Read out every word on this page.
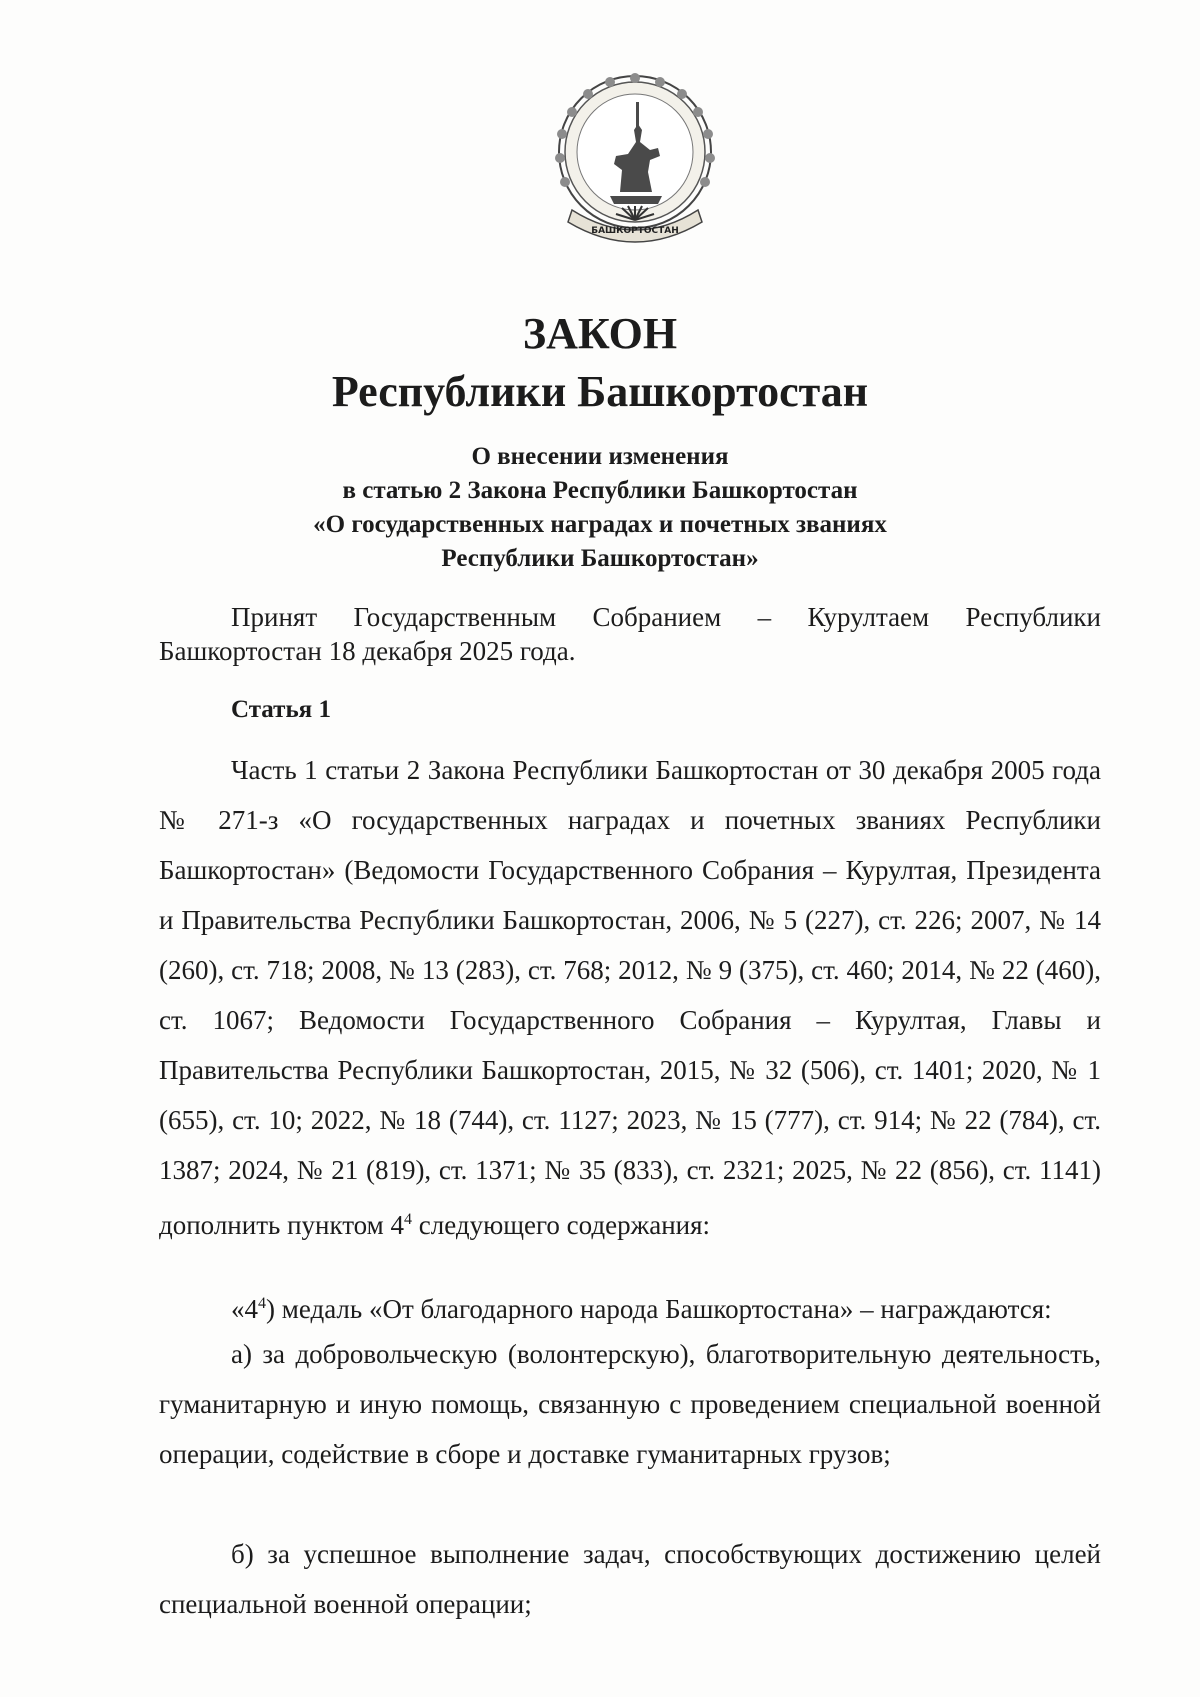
БАШКОРТОСТАН
ЗАКОН
Республики Башкортостан
О внесении изменения
в статью 2 Закона Республики Башкортостан
«О государственных наградах и почетных званиях
Республики Башкортостан»

Принят Государственным Собранием – Курултаем Республики Башкортостан 18 декабря 2025 года.

Статья 1

Часть 1 статьи 2 Закона Республики Башкортостан от 30 декабря 2005 года № 271-з «О государственных наградах и почетных званиях Республики Башкортостан» (Ведомости Государственного Собрания – Курултая, Президента и Правительства Республики Башкортостан, 2006, № 5 (227), ст. 226; 2007, № 14 (260), ст. 718; 2008, № 13 (283), ст. 768; 2012, № 9 (375), ст. 460; 2014, № 22 (460), ст. 1067; Ведомости Государственного Собрания – Курултая, Главы и Правительства Республики Башкортостан, 2015, № 32 (506), ст. 1401; 2020, № 1 (655), ст. 10; 2022, № 18 (744), ст. 1127; 2023, № 15 (777), ст. 914; № 22 (784), ст. 1387; 2024, № 21 (819), ст. 1371; № 35 (833), ст. 2321; 2025, № 22 (856), ст. 1141) дополнить пунктом $4^4$ следующего содержания:

«$4^4$) медаль «От благодарного народа Башкортостана» – награждаются:

а) за добровольческую (волонтерскую), благотворительную деятельность, гуманитарную и иную помощь, связанную с проведением специальной военной операции, содействие в сборе и доставке гуманитарных грузов;

б) за успешное выполнение задач, способствующих достижению целей специальной военной операции;
